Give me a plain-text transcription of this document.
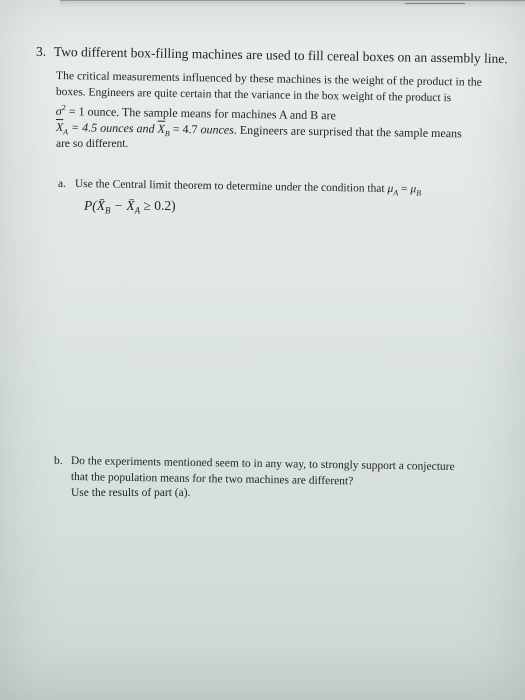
3. Two different box-filling machines are used to fill cereal boxes on an assembly line.
The critical measurements influenced by these machines is the weight of the product in the
boxes. Engineers are quite certain that the variance in the box weight of the product is
$\sigma^2 = 1$ ounce. The sample means for machines A and B are
$\overline{X}_A = 4.5$ ounces and $\overline{X}_B = 4.7$ ounces. Engineers are surprised that the sample means
are so different.
a. Use the Central limit theorem to determine under the condition that $\mu_A = \mu_B$
$P(X̄_B$ − $X̄_A \ge 0.2$)
b. Do the experiments mentioned seem to in any way, to strongly support a conjecture
that the population means for the two machines are different?
Use the results of part (a).
